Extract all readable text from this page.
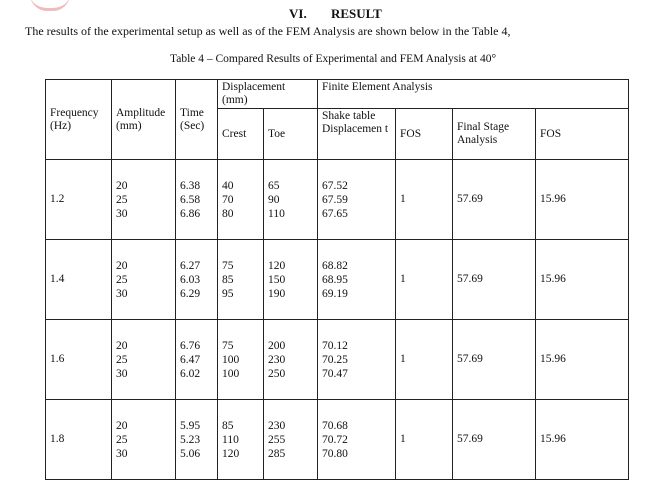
VI. RESULT
The results of the experimental setup as well as of the FEM Analysis are shown below in the Table 4,
Table 4 – Compared Results of Experimental and FEM Analysis at 40°
Frequency (Hz)	Amplitude (mm)	Time (Sec)	Displacement (mm)		Finite Element Analysis			
			Crest	Toe	Shake table Displacemen t	FOS	Final Stage Analysis	FOS
1.2	20
25
30	6.38
6.58
6.86	40
70
80	65
90
110	67.52
67.59
67.65	1	57.69	15.96
1.4	20
25
30	6.27
6.03
6.29	75
85
95	120
150
190	68.82
68.95
69.19	1	57.69	15.96
1.6	20
25
30	6.76
6.47
6.02	75
100
100	200
230
250	70.12
70.25
70.47	1	57.69	15.96
1.8	20
25
30	5.95
5.23
5.06	85
110
120	230
255
285	70.68
70.72
70.80	1	57.69	15.96
